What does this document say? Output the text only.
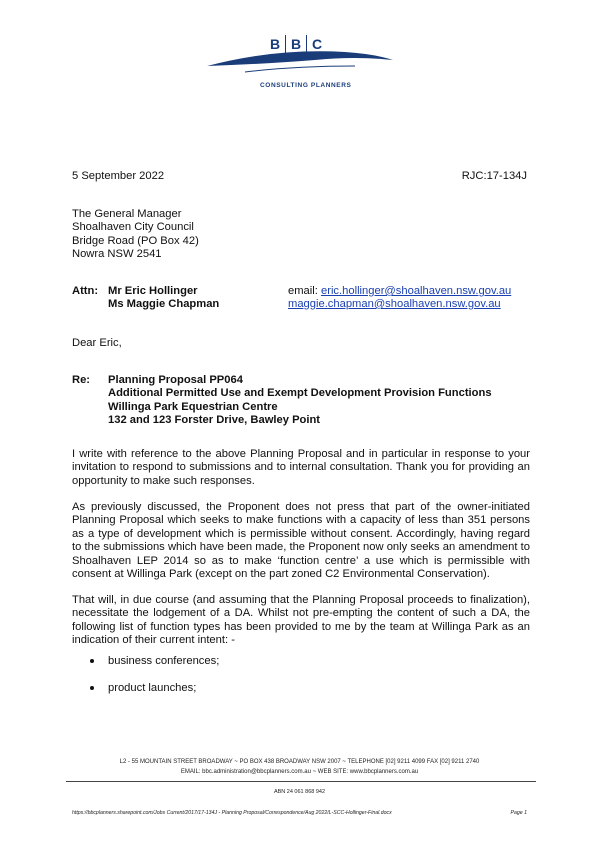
B B C
CONSULTING PLANNERS
5 September 2022	RJC:17-134J
The General Manager
Shoalhaven City Council
Bridge Road (PO Box 42)
Nowra NSW 2541
Attn: Mr Eric Hollinger
Ms Maggie Chapman
email: eric.hollinger@shoalhaven.nsw.gov.au
maggie.chapman@shoalhaven.nsw.gov.au
Dear Eric,
Re: Planning Proposal PP064
Additional Permitted Use and Exempt Development Provision Functions
Willinga Park Equestrian Centre
132 and 123 Forster Drive, Bawley Point
I write with reference to the above Planning Proposal and in particular in response to your invitation to respond to submissions and to internal consultation. Thank you for providing an opportunity to make such responses.
As previously discussed, the Proponent does not press that part of the owner-initiated Planning Proposal which seeks to make functions with a capacity of less than 351 persons as a type of development which is permissible without consent. Accordingly, having regard to the submissions which have been made, the Proponent now only seeks an amendment to Shoalhaven LEP 2014 so as to make ‘function centre’ a use which is permissible with consent at Willinga Park (except on the part zoned C2 Environmental Conservation).
That will, in due course (and assuming that the Planning Proposal proceeds to finalization), necessitate the lodgement of a DA. Whilst not pre-empting the content of such a DA, the following list of function types has been provided to me by the team at Willinga Park as an indication of their current intent: -
business conferences;
product launches;
L2 - 55 MOUNTAIN STREET BROADWAY ~ PO BOX 438 BROADWAY NSW 2007 ~ TELEPHONE [02] 9211 4099 FAX [02] 9211 2740
EMAIL: bbc.administration@bbcplanners.com.au ~ WEB SITE: www.bbcplanners.com.au
ABN 24 061 868 942
https://bbcplanners.sharepoint.com/Jobs Current/2017/17-134J - Planning Proposal/Correspondence/Aug 2022/L-SCC-Hollinger-Final.docx	Page 1
